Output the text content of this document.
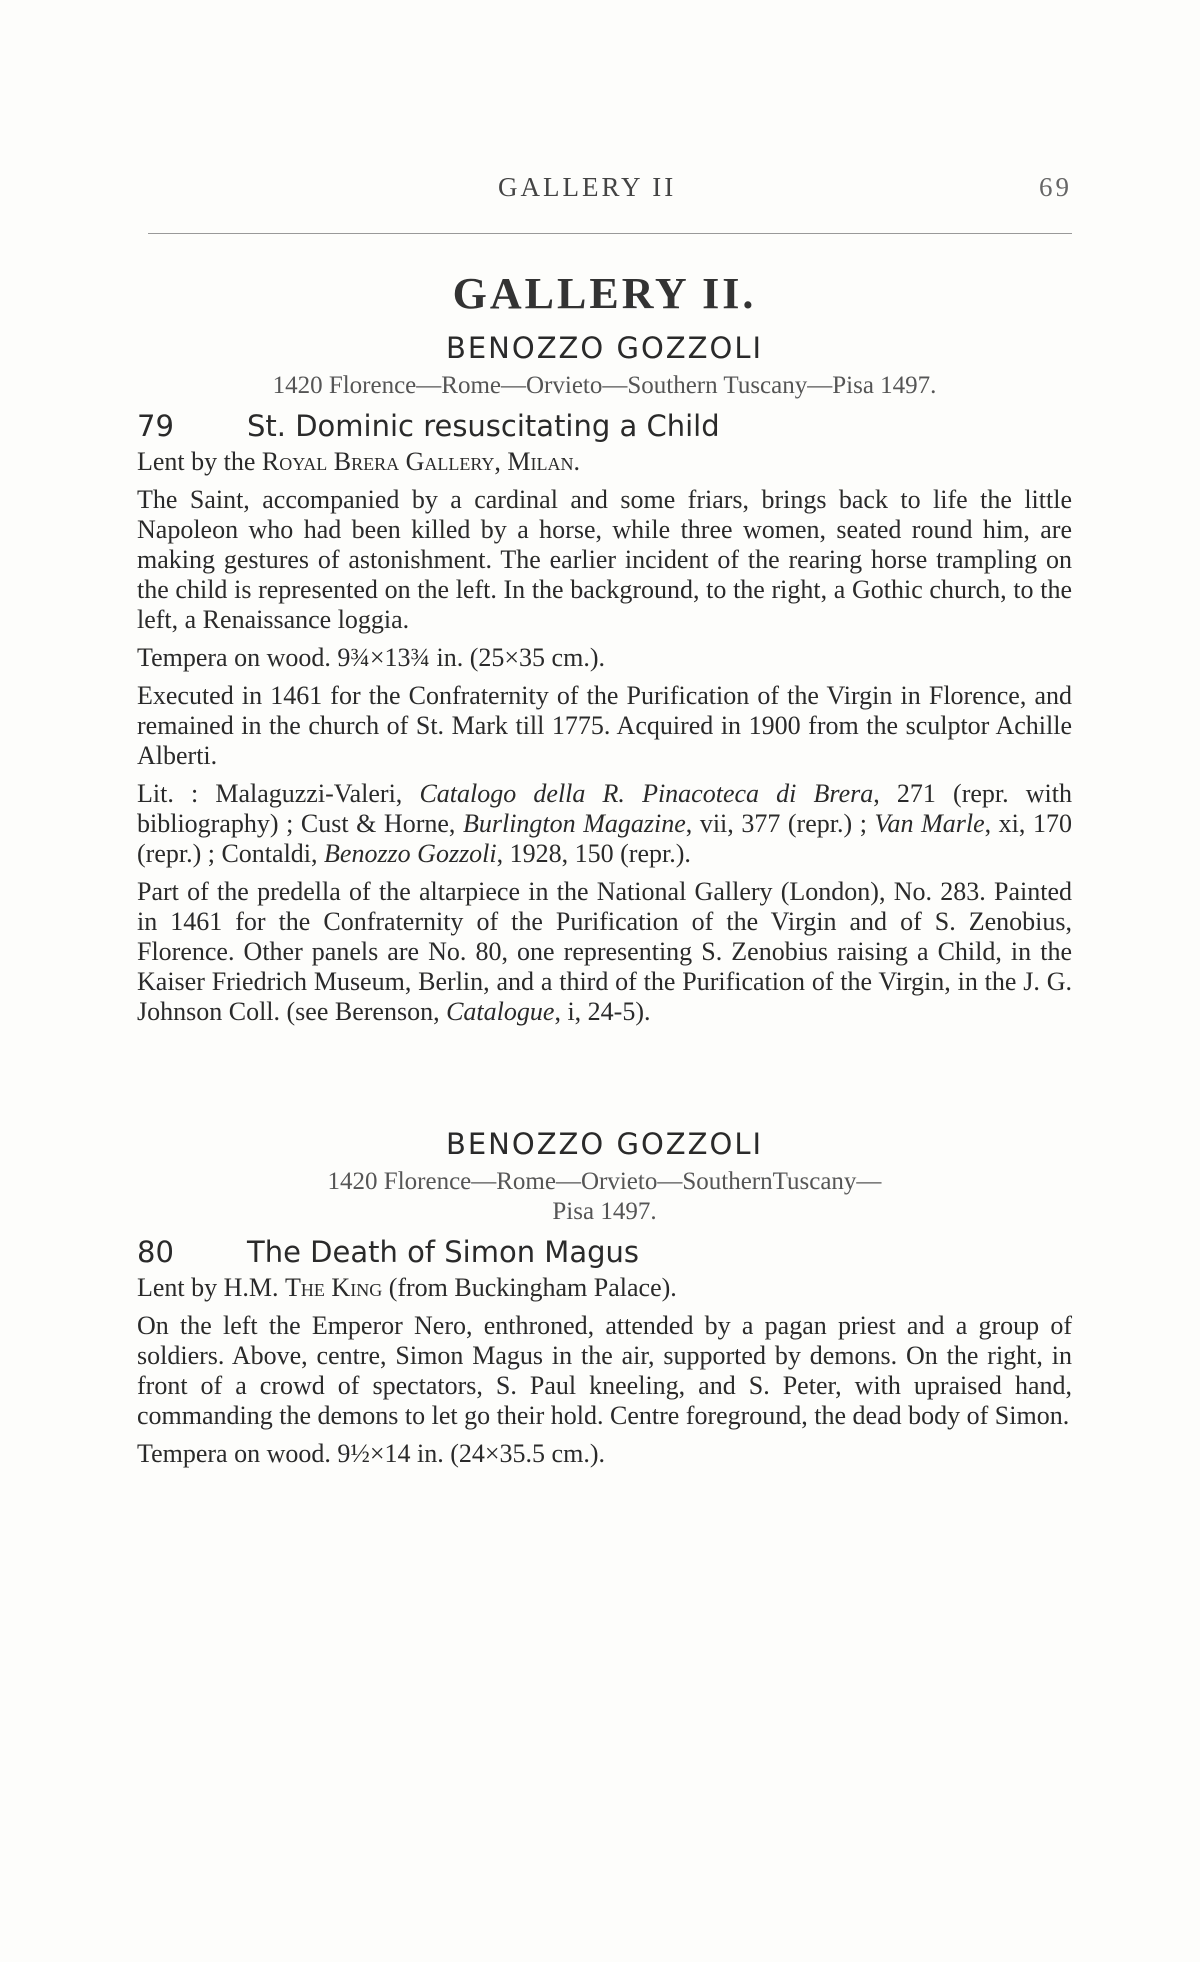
GALLERY II	69
GALLERY II.
BENOZZO GOZZOLI
1420 Florence—Rome—Orvieto—Southern Tuscany—Pisa 1497.
79	St. Dominic resuscitating a Child

Lent by the Royal Brera Gallery, Milan.

The Saint, accompanied by a cardinal and some friars, brings back to life the little Napoleon who had been killed by a horse, while three women, seated round him, are making gestures of astonishment. The earlier incident of the rearing horse trampling on the child is represented on the left. In the background, to the right, a Gothic church, to the left, a Renaissance loggia.

Tempera on wood. 9¾×13¾ in. (25×35 cm.).

Executed in 1461 for the Confraternity of the Purification of the Virgin in Florence, and remained in the church of St. Mark till 1775. Acquired in 1900 from the sculptor Achille Alberti.

Lit. : Malaguzzi-Valeri, Catalogo della R. Pinacoteca di Brera, 271 (repr. with bibliography) ; Cust & Horne, Burlington Magazine, vii, 377 (repr.) ; Van Marle, xi, 170 (repr.) ; Contaldi, Benozzo Gozzoli, 1928, 150 (repr.).

Part of the predella of the altarpiece in the National Gallery (London), No. 283. Painted in 1461 for the Confraternity of the Purification of the Virgin and of S. Zenobius, Florence. Other panels are No. 80, one representing S. Zenobius raising a Child, in the Kaiser Friedrich Museum, Berlin, and a third of the Purification of the Virgin, in the J. G. Johnson Coll. (see Berenson, Catalogue, i, 24-5).

BENOZZO GOZZOLI
1420 Florence—Rome—Orvieto—SouthernTuscany—
Pisa 1497.
80	The Death of Simon Magus

Lent by H.M. The King (from Buckingham Palace).

On the left the Emperor Nero, enthroned, attended by a pagan priest and a group of soldiers. Above, centre, Simon Magus in the air, supported by demons. On the right, in front of a crowd of spectators, S. Paul kneeling, and S. Peter, with upraised hand, commanding the demons to let go their hold. Centre foreground, the dead body of Simon.

Tempera on wood. 9½×14 in. (24×35.5 cm.).
